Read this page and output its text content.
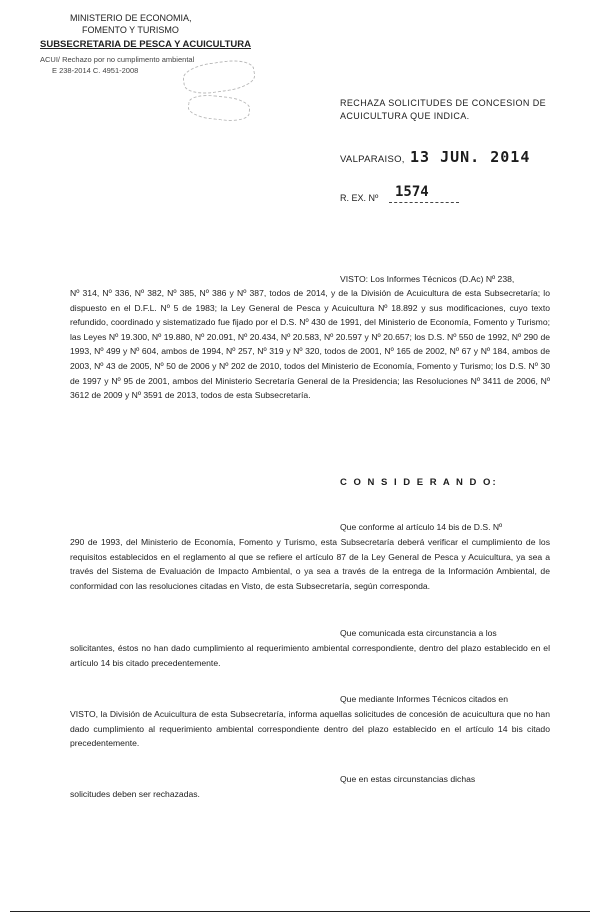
MINISTERIO DE ECONOMIA,
FOMENTO Y TURISMO
SUBSECRETARIA DE PESCA Y ACUICULTURA
ACUI/ Rechazo por no cumplimento ambiental
E 238-2014 C. 4951-2008
RECHAZA SOLICITUDES DE CONCESION DE ACUICULTURA QUE INDICA.
VALPARAISO, 13 JUN. 2014
R. EX. Nº 1574
VISTO: Los Informes Técnicos (D.Ac) Nº 238,

Nº 314, Nº 336, Nº 382, Nº 385, Nº 386 y Nº 387, todos de 2014, y de la División de Acuicultura de esta Subsecretaría; lo dispuesto en el D.F.L. Nº 5 de 1983; la Ley General de Pesca y Acuicultura Nº 18.892 y sus modificaciones, cuyo texto refundido, coordinado y sistematizado fue fijado por el D.S. Nº 430 de 1991, del Ministerio de Economía, Fomento y Turismo; las Leyes Nº 19.300, Nº 19.880, Nº 20.091, Nº 20.434, Nº 20.583, Nº 20.597 y Nº 20.657; los D.S. Nº 550 de 1992, Nº 290 de 1993, Nº 499 y Nº 604, ambos de 1994, Nº 257, Nº 319 y Nº 320, todos de 2001, Nº 165 de 2002, Nº 67 y Nº 184, ambos de 2003, Nº 43 de 2005, Nº 50 de 2006 y Nº 202 de 2010, todos del Ministerio de Economía, Fomento y Turismo; los D.S. Nº 30 de 1997 y Nº 95 de 2001, ambos del Ministerio Secretaría General de la Presidencia; las Resoluciones Nº 3411 de 2006, Nº 3612 de 2009 y Nº 3591 de 2013, todos de esta Subsecretaría.

C O N S I D E R A N D O:
Que conforme al artículo 14 bis de D.S. Nº

290 de 1993, del Ministerio de Economía, Fomento y Turismo, esta Subsecretaría deberá verificar el cumplimiento de los requisitos establecidos en el reglamento al que se refiere el artículo 87 de la Ley General de Pesca y Acuicultura, ya sea a través del Sistema de Evaluación de Impacto Ambiental, o ya sea a través de la entrega de la Información Ambiental, de conformidad con las resoluciones citadas en Visto, de esta Subsecretaría, según corresponda.

Que comunicada esta circunstancia a los

solicitantes, éstos no han dado cumplimiento al requerimiento ambiental correspondiente, dentro del plazo establecido en el artículo 14 bis citado precedentemente.

Que mediante Informes Técnicos citados en

VISTO, la División de Acuicultura de esta Subsecretaría, informa aquellas solicitudes de concesión de acuicultura que no han dado cumplimiento al requerimiento ambiental correspondiente dentro del plazo establecido en el artículo 14 bis citado precedentemente.

Que en estas circunstancias dichas

solicitudes deben ser rechazadas.
